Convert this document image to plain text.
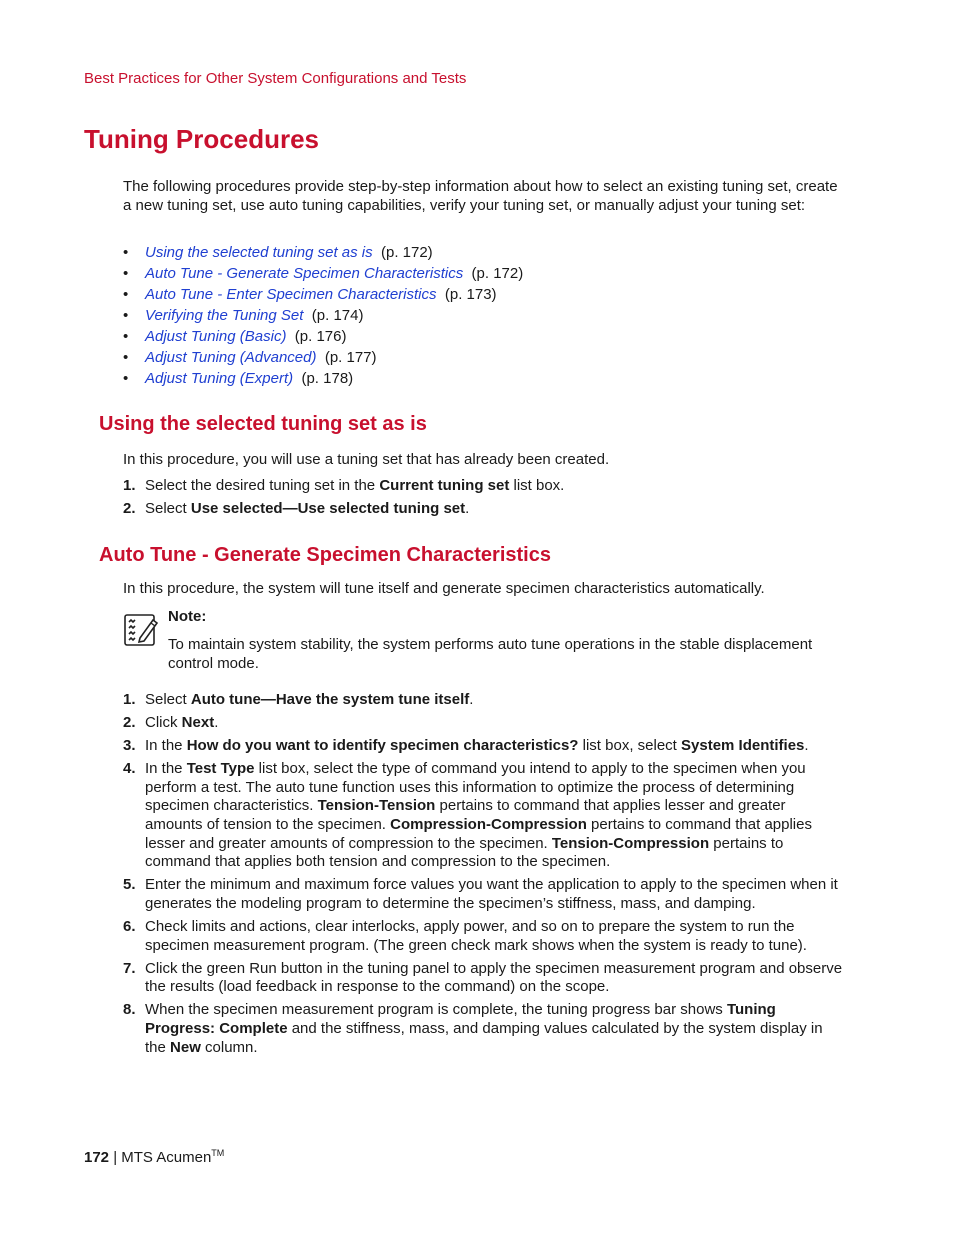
Best Practices for Other System Configurations and Tests
Tuning Procedures

The following procedures provide step-by-step information about how to select an existing tuning set, create a new tuning set, use auto tuning capabilities, verify your tuning set, or manually adjust your tuning set:

• Using the selected tuning set as is (p. 172)
• Auto Tune - Generate Specimen Characteristics (p. 172)
• Auto Tune - Enter Specimen Characteristics (p. 173)
• Verifying the Tuning Set (p. 174)
• Adjust Tuning (Basic) (p. 176)
• Adjust Tuning (Advanced) (p. 177)
• Adjust Tuning (Expert) (p. 178)
Using the selected tuning set as is

In this procedure, you will use a tuning set that has already been created.

1. Select the desired tuning set in the Current tuning set list box.
2. Select Use selected—Use selected tuning set.
Auto Tune - Generate Specimen Characteristics

In this procedure, the system will tune itself and generate specimen characteristics automatically.

Note:

To maintain system stability, the system performs auto tune operations in the stable displacement control mode.

1. Select Auto tune—Have the system tune itself.
2. Click Next.
3. In the How do you want to identify specimen characteristics? list box, select System Identifies.
4. In the Test Type list box, select the type of command you intend to apply to the specimen when you perform a test. The auto tune function uses this information to optimize the process of determining specimen characteristics. Tension-Tension pertains to command that applies lesser and greater amounts of tension to the specimen. Compression-Compression pertains to command that applies lesser and greater amounts of compression to the specimen. Tension-Compression pertains to command that applies both tension and compression to the specimen.
5. Enter the minimum and maximum force values you want the application to apply to the specimen when it generates the modeling program to determine the specimen’s stiffness, mass, and damping.
6. Check limits and actions, clear interlocks, apply power, and so on to prepare the system to run the specimen measurement program. (The green check mark shows when the system is ready to tune).
7. Click the green Run button in the tuning panel to apply the specimen measurement program and observe the results (load feedback in response to the command) on the scope.
8. When the specimen measurement program is complete, the tuning progress bar shows Tuning Progress: Complete and the stiffness, mass, and damping values calculated by the system display in the New column.
172 | MTS Acumen™
